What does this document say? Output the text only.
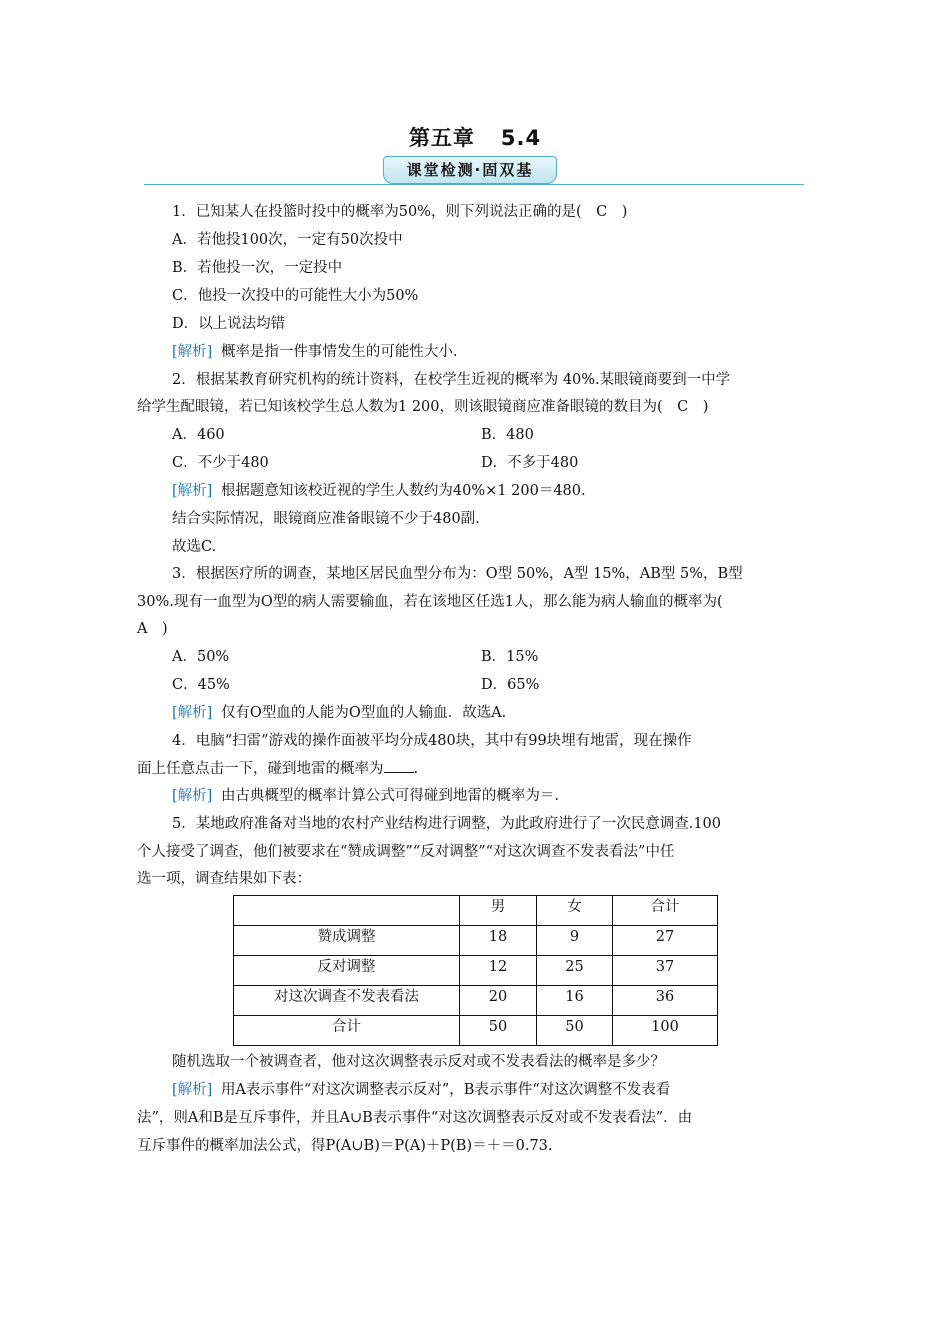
第五章 5.4
课堂检测·固双基
1．已知某人在投篮时投中的概率为50%，则下列说法正确的是(　C　)
A．若他投100次，一定有50次投中
B．若他投一次，一定投中
C．他投一次投中的可能性大小为50%
D．以上说法均错
[解析] 概率是指一件事情发生的可能性大小.
2．根据某教育研究机构的统计资料，在校学生近视的概率为 40%.某眼镜商要到一中学
给学生配眼镜，若已知该校学生总人数为1 200，则该眼镜商应准备眼镜的数目为(　C　)
A．460	B．480
C．不少于480	D．不多于480
[解析] 根据题意知该校近视的学生人数约为40%×1 200＝480.
结合实际情况，眼镜商应准备眼镜不少于480副.
故选C.
3．根据医疗所的调查，某地区居民血型分布为：O型 50%，A型 15%，AB型 5%，B型
30%.现有一血型为O型的病人需要输血，若在该地区任选1人，那么能为病人输血的概率为(
A　)
A．50%	B．15%
C．45%	D．65%
[解析] 仅有O型血的人能为O型血的人输血．故选A.
4．电脑“扫雷”游戏的操作面被平均分成480块，其中有99块埋有地雷，现在操作
面上任意点击一下，碰到地雷的概率为 .
[解析] 由古典概型的概率计算公式可得碰到地雷的概率为＝.
5．某地政府准备对当地的农村产业结构进行调整，为此政府进行了一次民意调查.100
个人接受了调查，他们被要求在“赞成调整”“反对调整”“对这次调查不发表看法”中任
选一项，调查结果如下表：
	男	女	合计
赞成调整	18	9	27
反对调整	12	25	37
对这次调查不发表看法	20	16	36
合计	50	50	100
随机选取一个被调查者，他对这次调整表示反对或不发表看法的概率是多少？
[解析] 用A表示事件“对这次调整表示反对”，B表示事件“对这次调整不发表看
法”，则A和B是互斥事件，并且A∪B表示事件“对这次调整表示反对或不发表看法”．由
互斥事件的概率加法公式，得P(A∪B)＝P(A)＋P(B)＝＋＝0.73.
